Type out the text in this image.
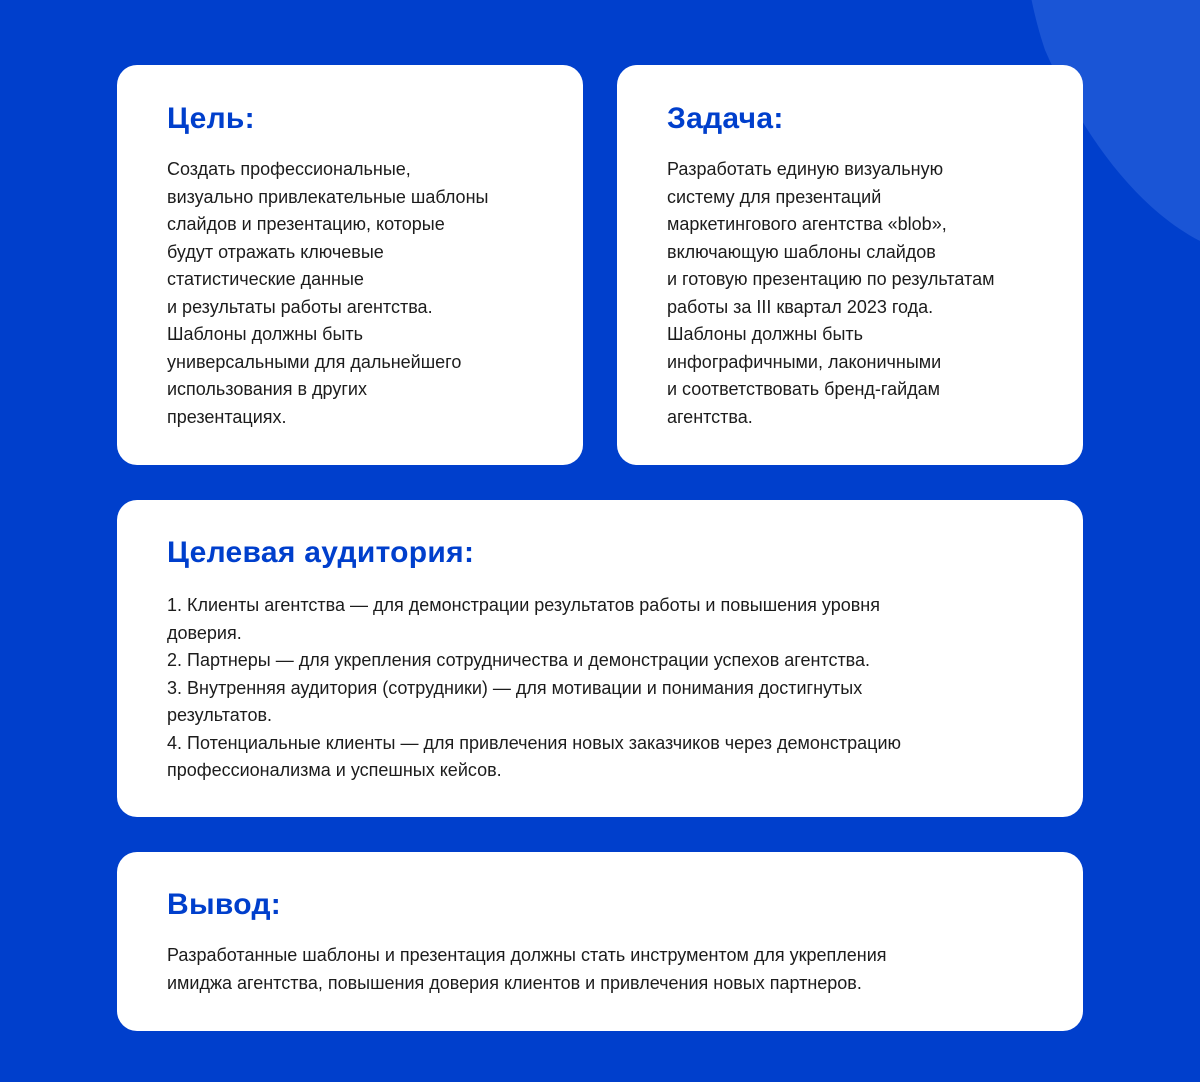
Цель:

Создать профессиональные,
визуально привлекательные шаблоны
слайдов и презентацию, которые
будут отражать ключевые
статистические данные
и результаты работы агентства.
Шаблоны должны быть
универсальными для дальнейшего
использования в других
презентациях.

Задача:

Разработать единую визуальную
систему для презентаций
маркетингового агентства «blob»,
включающую шаблоны слайдов
и готовую презентацию по результатам
работы за III квартал 2023 года.
Шаблоны должны быть
инфографичными, лаконичными
и соответствовать бренд-гайдам
агентства.

Целевая аудитория:

1. Клиенты агентства — для демонстрации результатов работы и повышения уровня
доверия.
2. Партнеры — для укрепления сотрудничества и демонстрации успехов агентства.
3. Внутренняя аудитория (сотрудники) — для мотивации и понимания достигнутых
результатов.
4. Потенциальные клиенты — для привлечения новых заказчиков через демонстрацию
профессионализма и успешных кейсов.

Вывод:

Разработанные шаблоны и презентация должны стать инструментом для укрепления
имиджа агентства, повышения доверия клиентов и привлечения новых партнеров.
